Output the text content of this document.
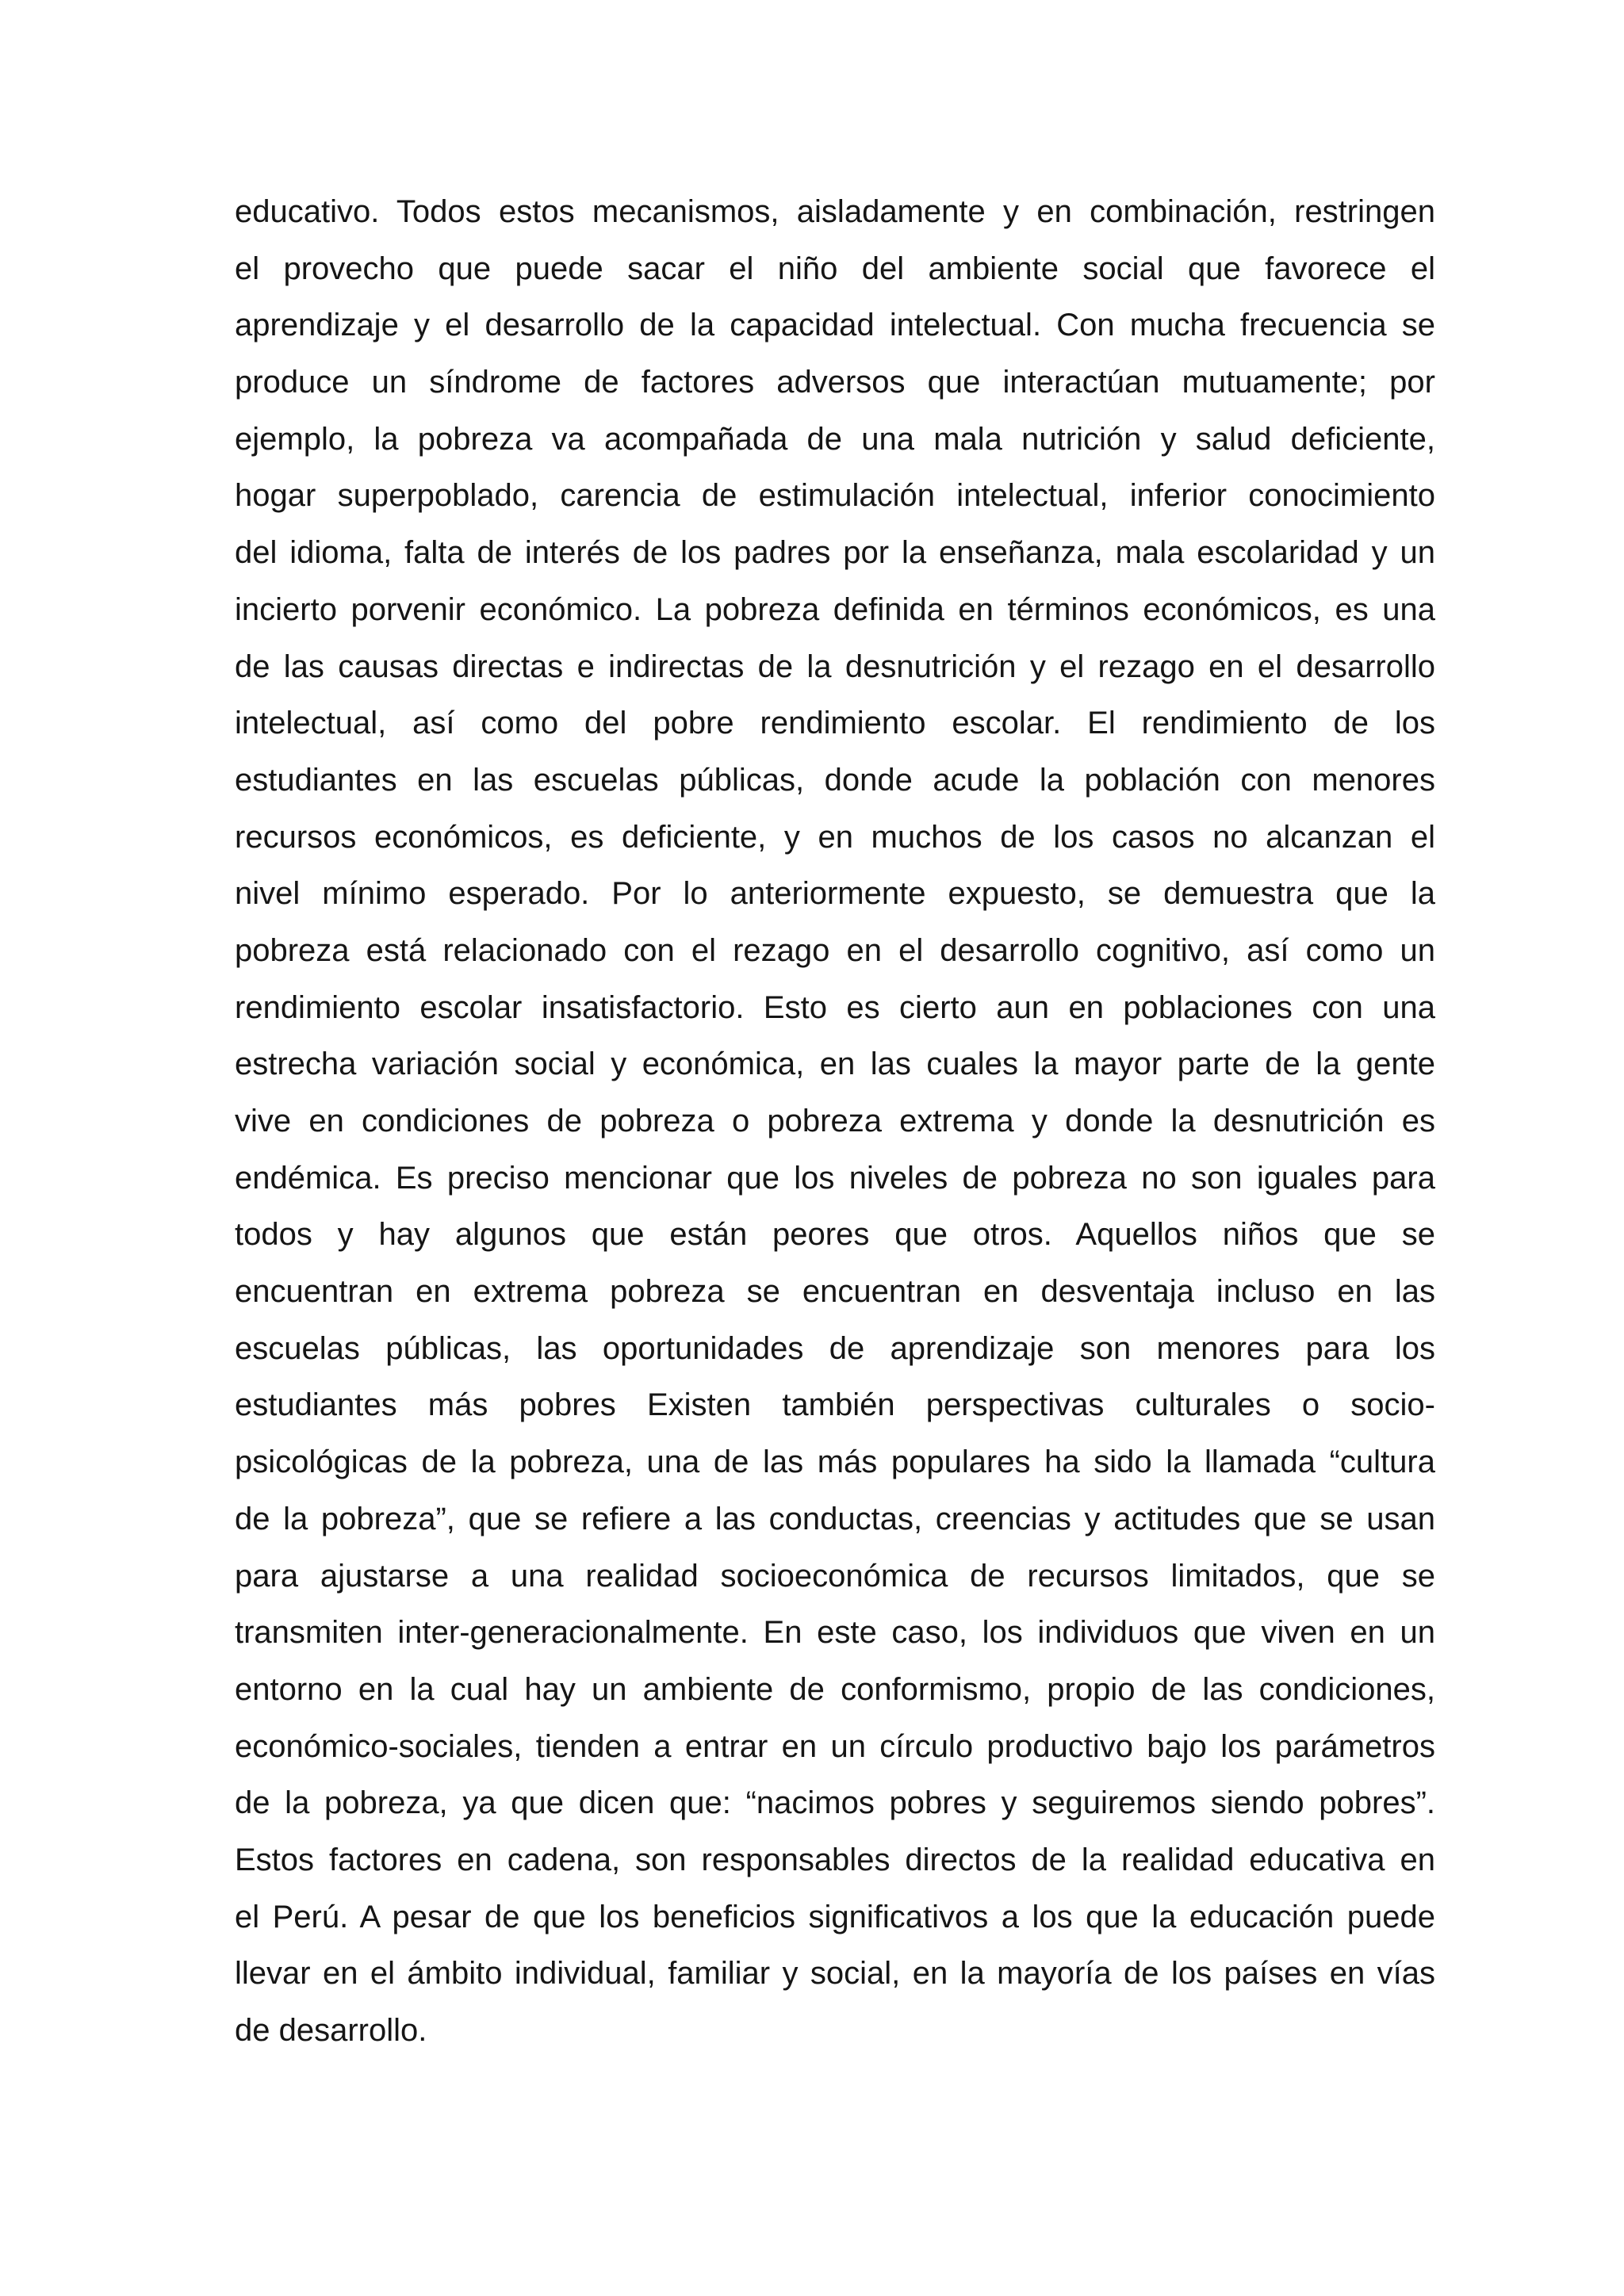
educativo. Todos estos mecanismos, aisladamente y en combinación, restringen
el provecho que puede sacar el niño del ambiente social que favorece el
aprendizaje y el desarrollo de la capacidad intelectual. Con mucha frecuencia se
produce un síndrome de factores adversos que interactúan mutuamente; por
ejemplo, la pobreza va acompañada de una mala nutrición y salud deficiente,
hogar superpoblado, carencia de estimulación intelectual, inferior conocimiento
del idioma, falta de interés de los padres por la enseñanza, mala escolaridad y un
incierto porvenir económico. La pobreza definida en términos económicos, es una
de las causas directas e indirectas de la desnutrición y el rezago en el desarrollo
intelectual, así como del pobre rendimiento escolar. El rendimiento de los
estudiantes en las escuelas públicas, donde acude la población con menores
recursos económicos, es deficiente, y en muchos de los casos no alcanzan el
nivel mínimo esperado. Por lo anteriormente expuesto, se demuestra que la
pobreza está relacionado con el rezago en el desarrollo cognitivo, así como un
rendimiento escolar insatisfactorio. Esto es cierto aun en poblaciones con una
estrecha variación social y económica, en las cuales la mayor parte de la gente
vive en condiciones de pobreza o pobreza extrema y donde la desnutrición es
endémica. Es preciso mencionar que los niveles de pobreza no son iguales para
todos y hay algunos que están peores que otros. Aquellos niños que se
encuentran en extrema pobreza se encuentran en desventaja incluso en las
escuelas públicas, las oportunidades de aprendizaje son menores para los
estudiantes más pobres Existen también perspectivas culturales o socio-
psicológicas de la pobreza, una de las más populares ha sido la llamada “cultura
de la pobreza”, que se refiere a las conductas, creencias y actitudes que se usan
para ajustarse a una realidad socioeconómica de recursos limitados, que se
transmiten inter-generacionalmente. En este caso, los individuos que viven en un
entorno en la cual hay un ambiente de conformismo, propio de las condiciones,
económico-sociales, tienden a entrar en un círculo productivo bajo los parámetros
de la pobreza, ya que dicen que: “nacimos pobres y seguiremos siendo pobres”.
Estos factores en cadena, son responsables directos de la realidad educativa en
el Perú. A pesar de que los beneficios significativos a los que la educación puede
llevar en el ámbito individual, familiar y social, en la mayoría de los países en vías
de desarrollo.
